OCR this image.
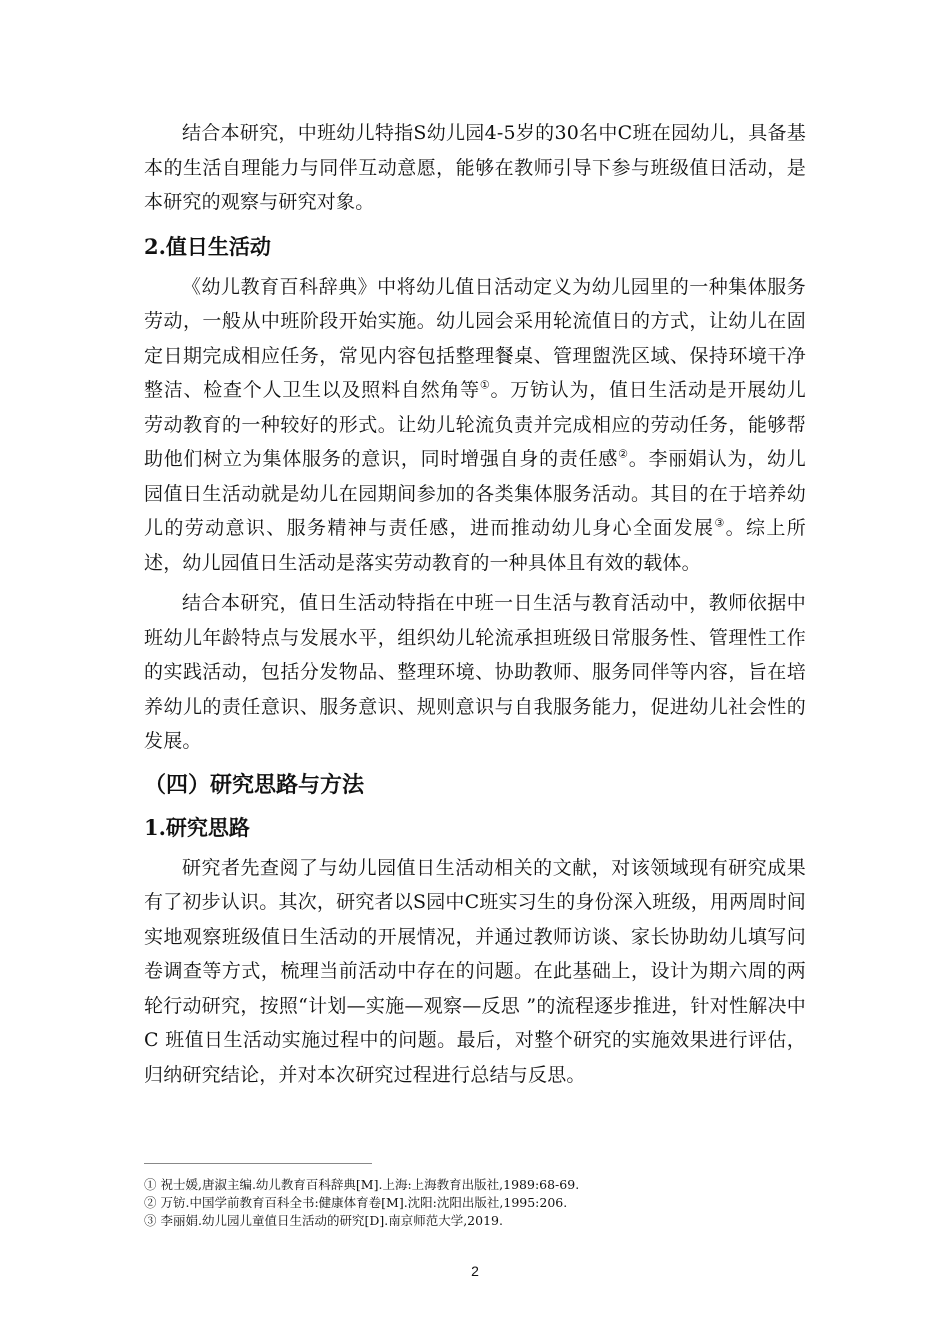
结合本研究，中班幼儿特指S幼儿园4-5岁的30名中C班在园幼儿，具备基本的生活自理能力与同伴互动意愿，能够在教师引导下参与班级值日活动，是本研究的观察与研究对象。

2.值日生活动

《幼儿教育百科辞典》中将幼儿值日活动定义为幼儿园里的一种集体服务劳动，一般从中班阶段开始实施。幼儿园会采用轮流值日的方式，让幼儿在固定日期完成相应任务，常见内容包括整理餐桌、管理盥洗区域、保持环境干净整洁、检查个人卫生以及照料自然角等①。万钫认为，值日生活动是开展幼儿劳动教育的一种较好的形式。让幼儿轮流负责并完成相应的劳动任务，能够帮助他们树立为集体服务的意识，同时增强自身的责任感②。李丽娟认为，幼儿园值日生活动就是幼儿在园期间参加的各类集体服务活动。其目的在于培养幼儿的劳动意识、服务精神与责任感，进而推动幼儿身心全面发展③。综上所述，幼儿园值日生活动是落实劳动教育的一种具体且有效的载体。

结合本研究，值日生活动特指在中班一日生活与教育活动中，教师依据中班幼儿年龄特点与发展水平，组织幼儿轮流承担班级日常服务性、管理性工作的实践活动，包括分发物品、整理环境、协助教师、服务同伴等内容，旨在培养幼儿的责任意识、服务意识、规则意识与自我服务能力，促进幼儿社会性的发展。

（四）研究思路与方法
1.研究思路

研究者先查阅了与幼儿园值日生活动相关的文献，对该领域现有研究成果有了初步认识。其次，研究者以S园中C班实习生的身份深入班级，用两周时间实地观察班级值日生活动的开展情况，并通过教师访谈、家长协助幼儿填写问卷调查等方式，梳理当前活动中存在的问题。在此基础上，设计为期六周的两轮行动研究，按照“计划—实施—观察—反思 ”的流程逐步推进，针对性解决中C 班值日生活动实施过程中的问题。最后，对整个研究的实施效果进行评估，归纳研究结论，并对本次研究过程进行总结与反思。

① 祝士媛,唐淑主编.幼儿教育百科辞典[M].上海:上海教育出版社,1989:68-69.

② 万钫.中国学前教育百科全书:健康体育卷[M].沈阳:沈阳出版社,1995:206.

③ 李丽娟.幼儿园儿童值日生活动的研究[D].南京师范大学,2019.

2
